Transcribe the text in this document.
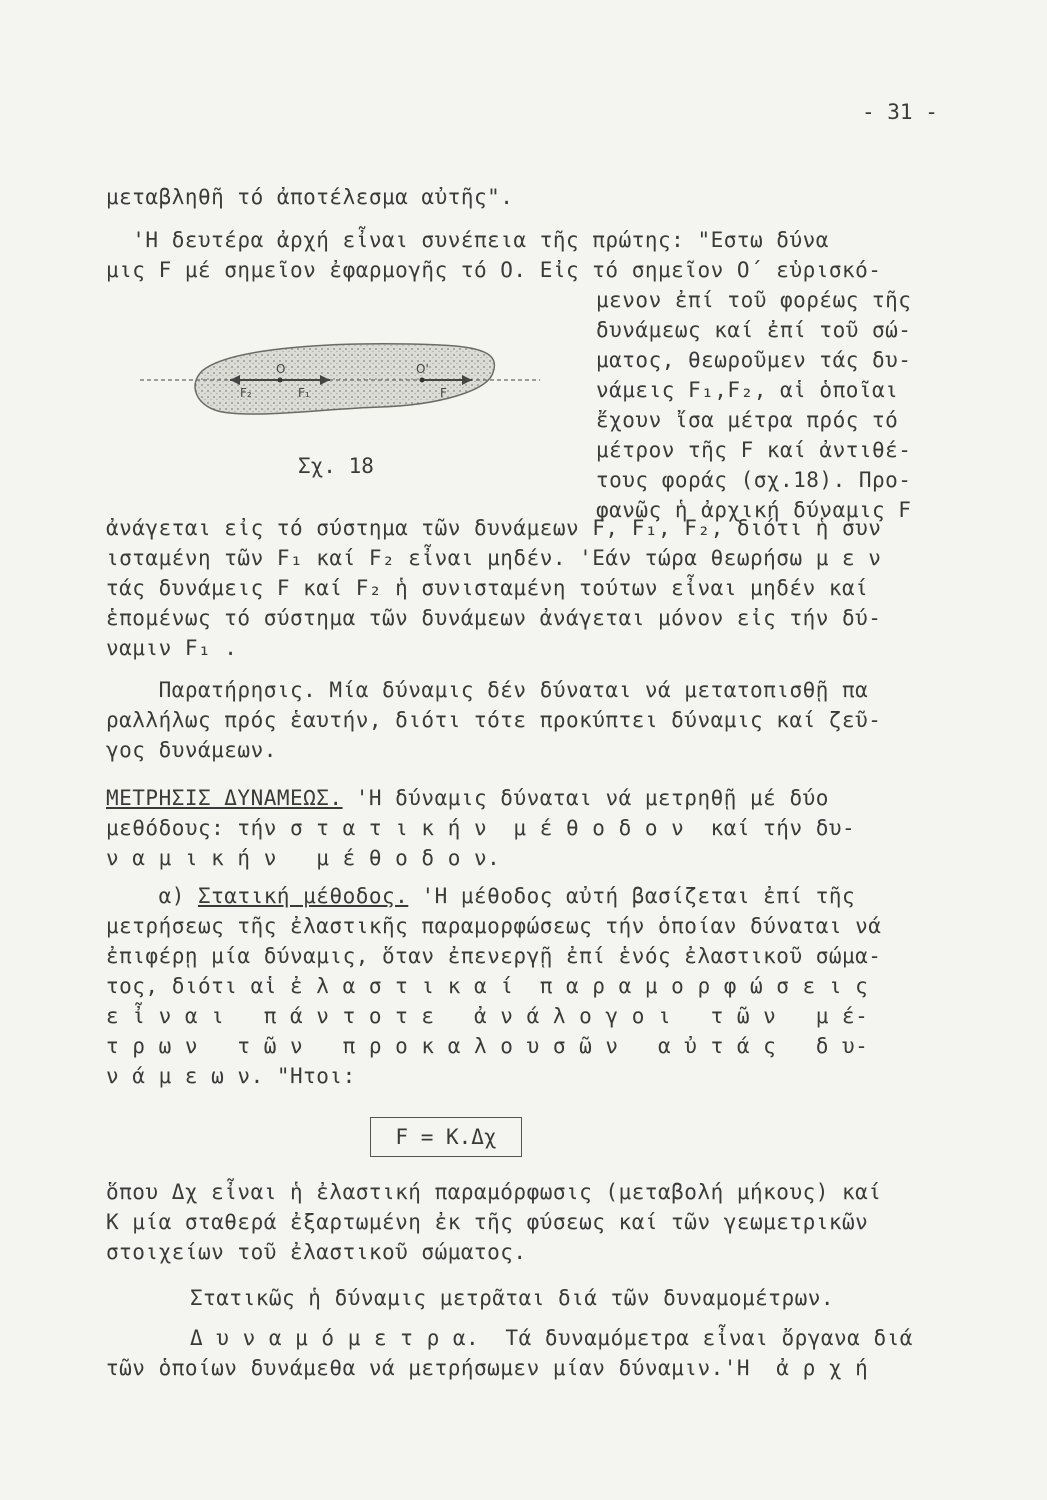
- 31 -
μεταβληθῆ τό ἀποτέλεσμα αὐτῆς".
'Η δευτέρα ἀρχή εἶναι συνέπεια τῆς πρώτης: "Εστω δύνα
μις F μέ σημεῖον ἐφαρμογῆς τό Ο. Εἰς τό σημεῖον Ο΄ εὑρισκό-
μενον ἐπί τοῦ φορέως τῆς
δυνάμεως καί ἐπί τοῦ σώ-
ματος, θεωροῦμεν τάς δυ-
νάμεις F₁,F₂, αἱ ὁποῖαι
ἔχουν ἴσα μέτρα πρός τό
μέτρον τῆς F καί ἀντιθέ-
τους φοράς (σχ.18). Προ-
φανῶς ἡ ἀρχική δύναμις F
O	O'
F₂	F₁	F
Σχ. 18
ἀνάγεται εἰς τό σύστημα τῶν δυνάμεων F, F₁, F₂, διότι ἡ συν
ισταμένη τῶν F₁ καί F₂ εἶναι μηδέν. 'Εάν τώρα θεωρήσω μ ε ν
τάς δυνάμεις F καί F₂ ἡ συνισταμένη τούτων εἶναι μηδέν καί
ἑπομένως τό σύστημα τῶν δυνάμεων ἀνάγεται μόνον εἰς τήν δύ-
ναμιν F₁ .
Παρατήρησις. Μία δύναμις δέν δύναται νά μετατοπισθῇ πα
ραλλήλως πρός ἑαυτήν, διότι τότε προκύπτει δύναμις καί ζεῦ-
γος δυνάμεων.
ΜΕΤΡΗΣΙΣ ΔΥΝΑΜΕΩΣ. 'Η δύναμις δύναται νά μετρηθῇ μέ δύο
μεθόδους: τήν σ τ α τ ι κ ή ν  μ έ θ ο δ ο ν  καί τήν δυ-
ν α μ ι κ ή ν   μ έ θ ο δ ο ν.
α) Στατική μέθοδος. 'Η μέθοδος αὐτή βασίζεται ἐπί τῆς
μετρήσεως τῆς ἐλαστικῆς παραμορφώσεως τήν ὁποίαν δύναται νά
ἐπιφέρῃ μία δύναμις, ὅταν ἐπενεργῇ ἐπί ἑνός ἐλαστικοῦ σώμα-
τος, διότι αἱ ἐ λ α σ τ ι κ α ί  π α ρ α μ ο ρ φ ώ σ ε ι ς
ε ἶ ν α ι   π ά ν τ ο τ ε   ἀ ν ά λ ο γ ο ι   τ ῶ ν   μ έ-
τ ρ ω ν   τ ῶ ν   π ρ ο κ α λ ο υ σ ῶ ν   α ὐ τ ά ς   δ υ-
ν ά μ ε ω ν. "Ητοι:
F = K.Δχ
ὅπου Δχ εἶναι ἡ ἐλαστική παραμόρφωσις (μεταβολή μήκους) καί
Κ μία σταθερά ἐξαρτωμένη ἐκ τῆς φύσεως καί τῶν γεωμετρικῶν
στοιχείων τοῦ ἐλαστικοῦ σώματος.
Στατικῶς ἡ δύναμις μετρᾶται διά τῶν δυναμομέτρων.
Δ υ ν α μ ό μ ε τ ρ α.  Τά δυναμόμετρα εἶναι ὄργανα διά
τῶν ὁποίων δυνάμεθα νά μετρήσωμεν μίαν δύναμιν.'Η  ἀ ρ χ ή
